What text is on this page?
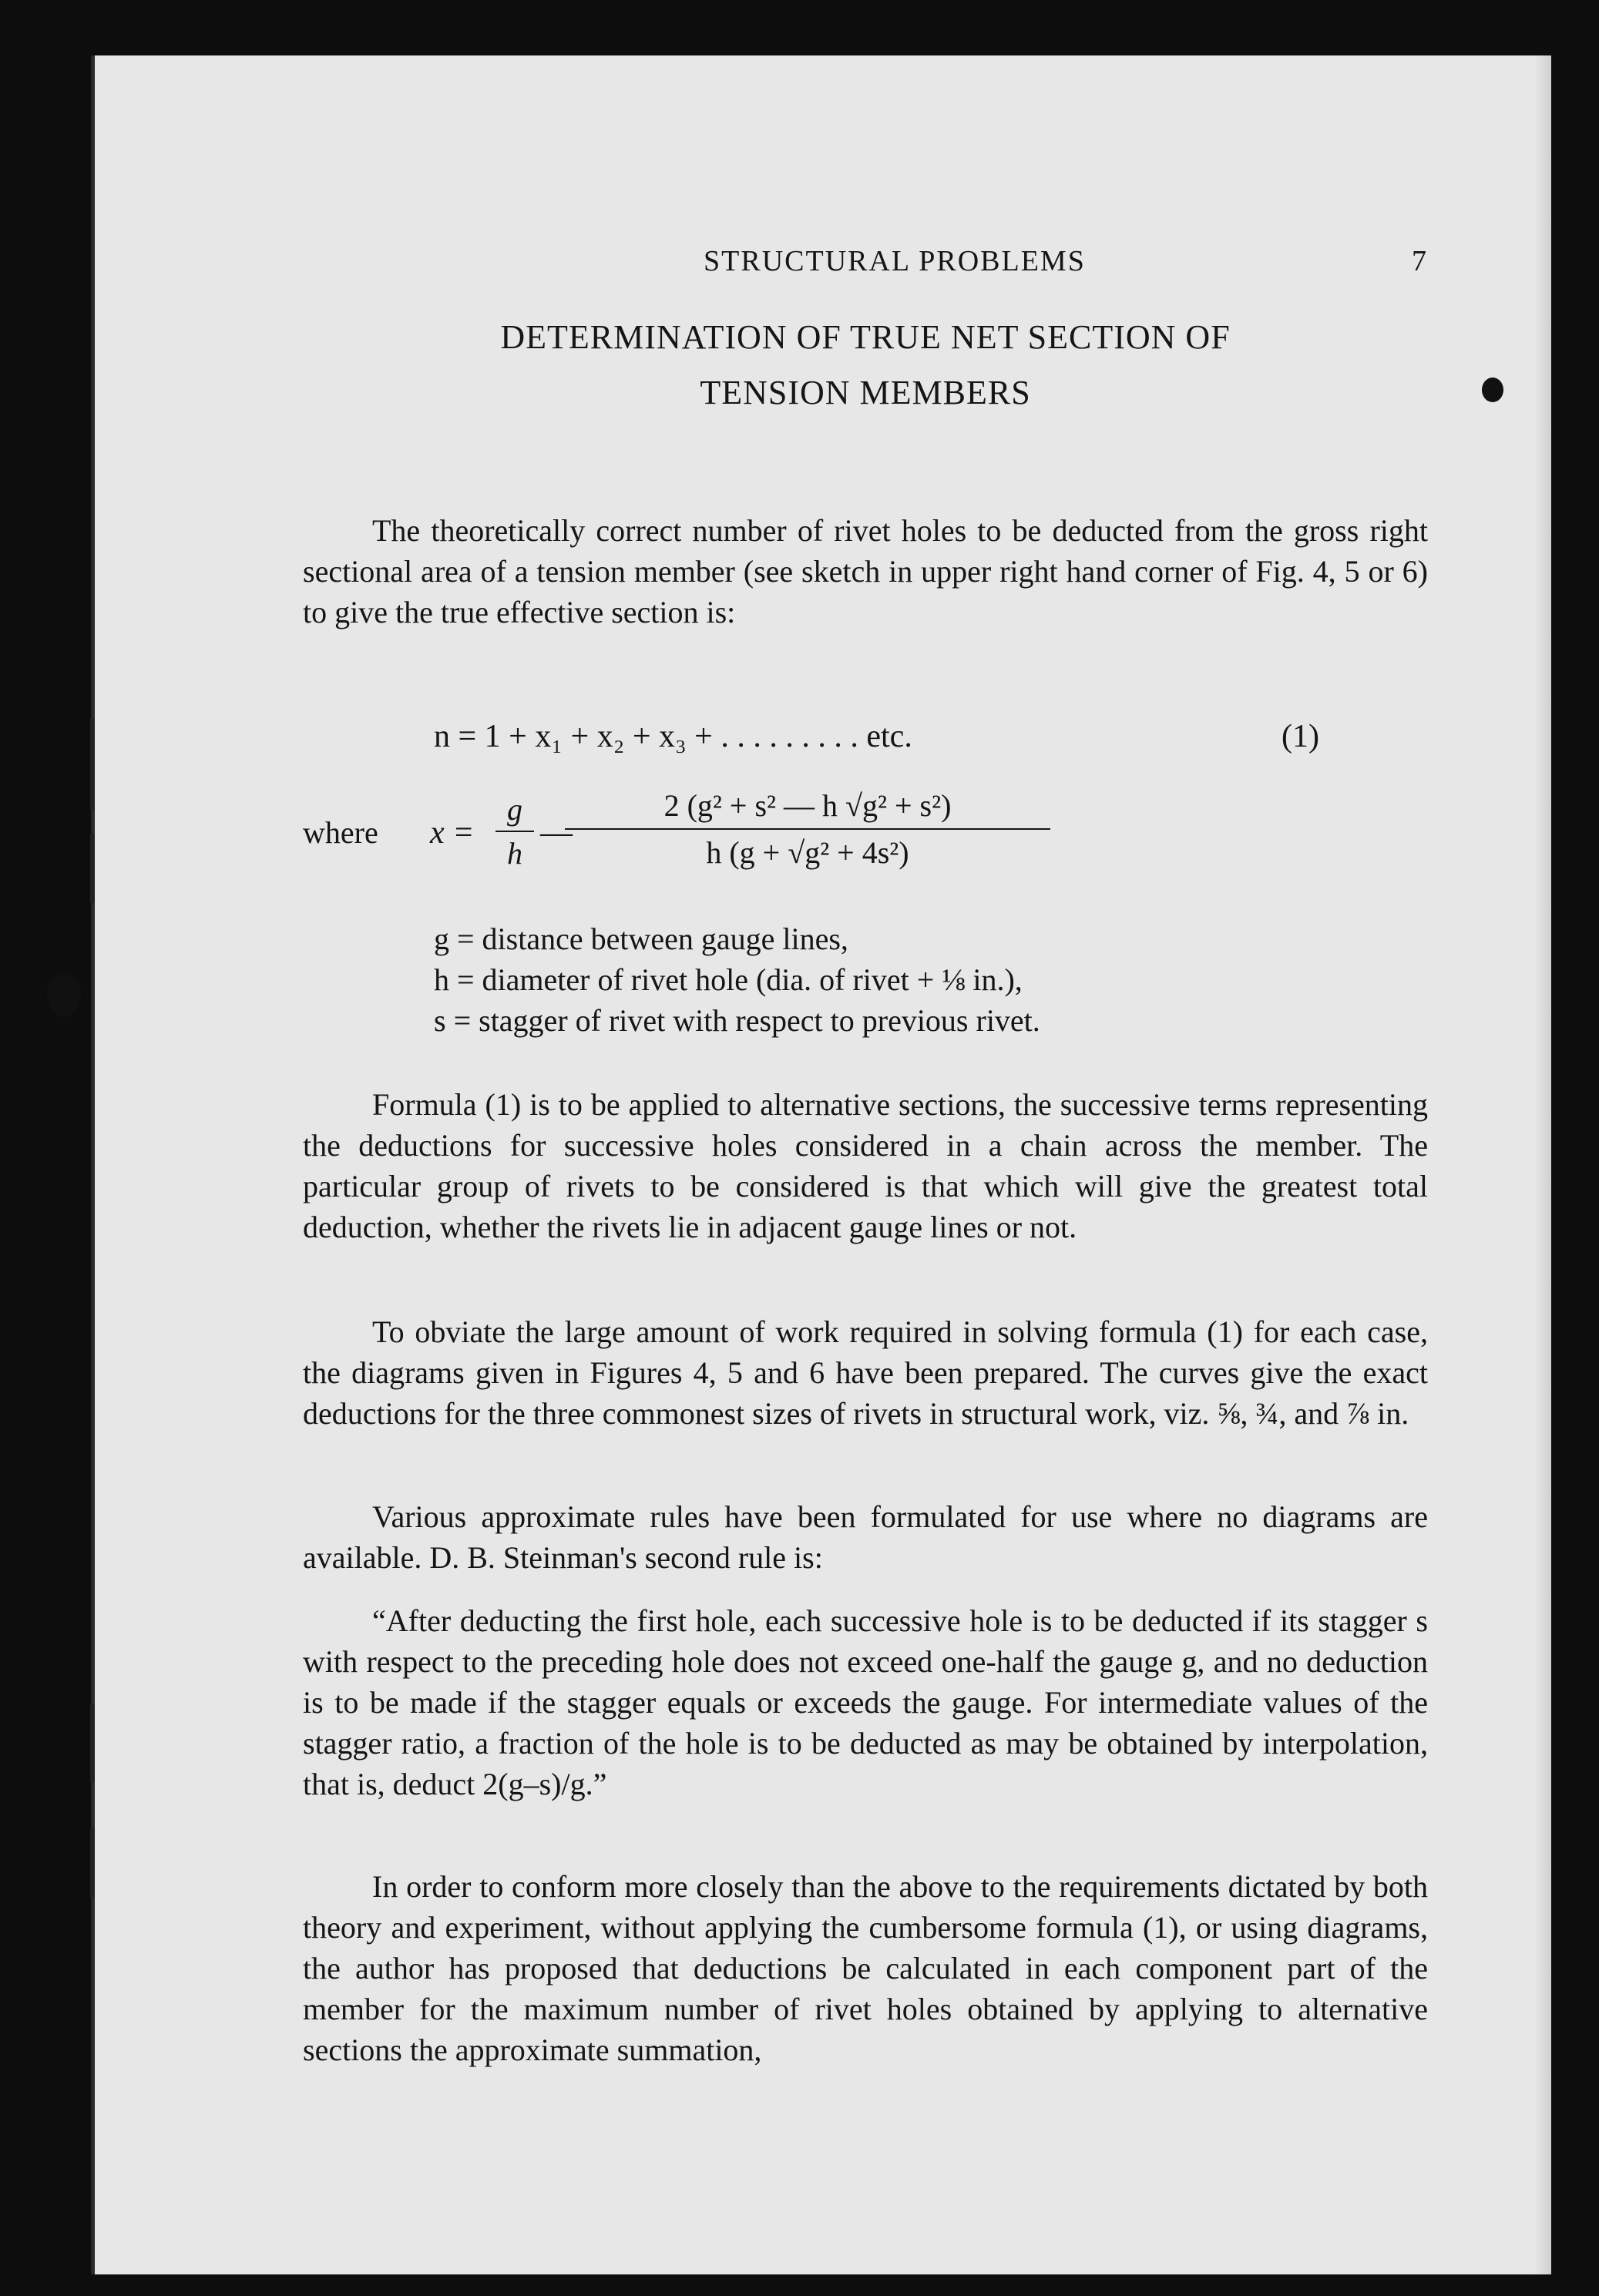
STRUCTURAL PROBLEMS	7
DETERMINATION OF TRUE NET SECTION OF
TENSION MEMBERS

The theoretically correct number of rivet holes to be deducted from the gross right sectional area of a tension member (see sketch in upper right hand corner of Fig. 4, 5 or 6) to give the true effective section is:

n = 1 + x₁ + x₂ + x₃ + . . . . . . . . . etc.	(1)
where x =
g
h
—
2 (g² + s² — h √g² + s²)
h (g + √g² + 4s²)
g = distance between gauge lines,
h = diameter of rivet hole (dia. of rivet + ⅛ in.),
s = stagger of rivet with respect to previous rivet.

Formula (1) is to be applied to alternative sections, the successive terms representing the deductions for successive holes considered in a chain across the member. The particular group of rivets to be considered is that which will give the greatest total deduction, whether the rivets lie in adjacent gauge lines or not.

To obviate the large amount of work required in solving formula (1) for each case, the diagrams given in Figures 4, 5 and 6 have been prepared. The curves give the exact deductions for the three commonest sizes of rivets in structural work, viz. ⅝, ¾, and ⅞ in.

Various approximate rules have been formulated for use where no diagrams are available. D. B. Steinman's second rule is:

“After deducting the first hole, each successive hole is to be deducted if its stagger s with respect to the preceding hole does not exceed one-half the gauge g, and no deduction is to be made if the stagger equals or exceeds the gauge. For intermediate values of the stagger ratio, a fraction of the hole is to be deducted as may be obtained by interpolation, that is, deduct 2(g–s)/g.”

In order to conform more closely than the above to the requirements dictated by both theory and experiment, without applying the cumbersome formula (1), or using diagrams, the author has proposed that deductions be calculated in each component part of the member for the maximum number of rivet holes obtained by applying to alternative sections the approximate summation,
